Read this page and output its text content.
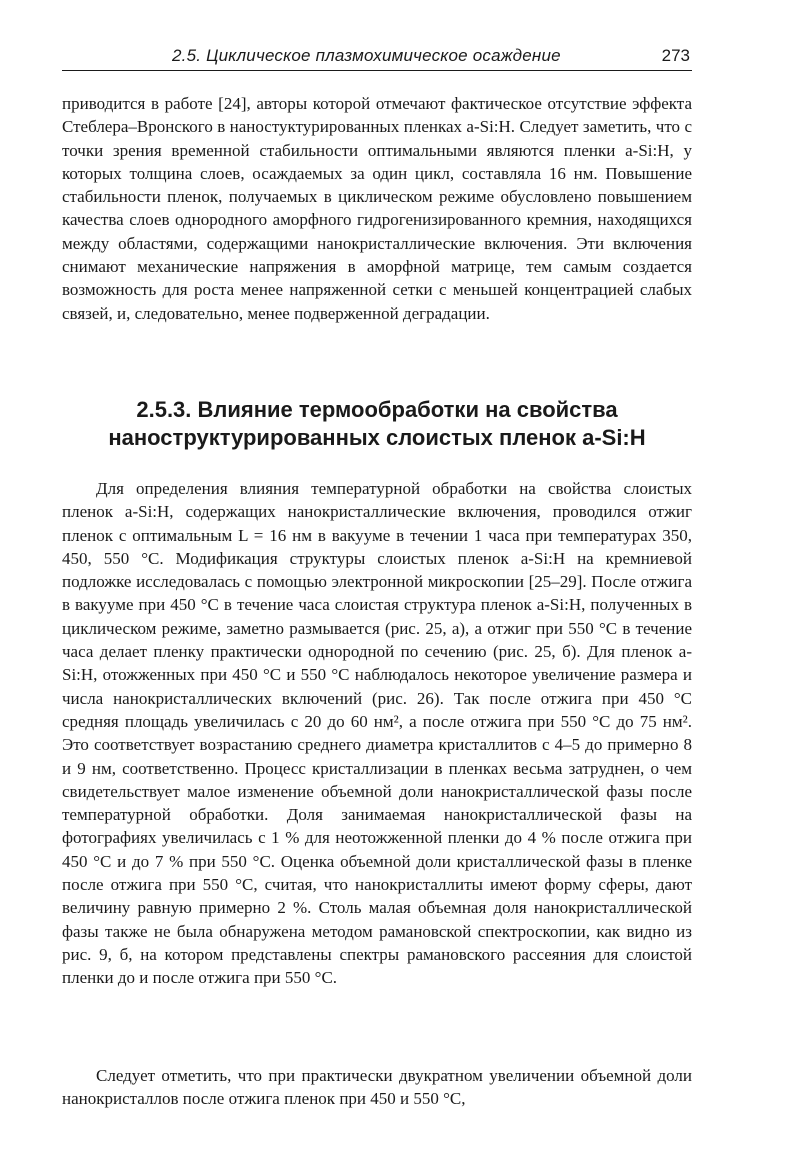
2.5. Циклическое плазмохимическое осаждение	273

приводится в работе [24], авторы которой отмечают фактическое отсутствие эффекта Стеблера–Вронского в наностуктурированных пленках a-Si:H. Следует заметить, что с точки зрения временной стабильности оптимальными являются пленки a-Si:H, у которых толщина слоев, осаждаемых за один цикл, составляла 16 нм. Повышение стабильности пленок, получаемых в циклическом режиме обусловлено повышением качества слоев однородного аморфного гидрогенизированного кремния, находящихся между областями, содержащими нанокристаллические включения. Эти включения снимают механические напряжения в аморфной матрице, тем самым создается возможность для роста менее напряженной сетки с меньшей концентрацией слабых связей, и, следовательно, менее подверженной деградации.

2.5.3. Влияние термообработки на свойства
наноструктурированных слоистых пленок a-Si:H

Для определения влияния температурной обработки на свойства слоистых пленок a-Si:H, содержащих нанокристаллические включения, проводился отжиг пленок с оптимальным L = 16 нм в вакууме в течении 1 часа при температурах 350, 450, 550 °C. Модификация структуры слоистых пленок a-Si:H на кремниевой подложке исследовалась с помощью электронной микроскопии [25–29]. После отжига в вакууме при 450 °C в течение часа слоистая структура пленок a-Si:H, полученных в циклическом режиме, заметно размывается (рис. 25, а), а отжиг при 550 °C в течение часа делает пленку практически однородной по сечению (рис. 25, б). Для пленок a-Si:H, отожженных при 450 °C и 550 °C наблюдалось некоторое увеличение размера и числа нанокристаллических включений (рис. 26). Так после отжига при 450 °C средняя площадь увеличилась с 20 до 60 нм², а после отжига при 550 °C до 75 нм². Это соответствует возрастанию среднего диаметра кристаллитов с 4–5 до примерно 8 и 9 нм, соответственно. Процесс кристаллизации в пленках весьма затруднен, о чем свидетельствует малое изменение объемной доли нанокристаллической фазы после температурной обработки. Доля занимаемая нанокристаллической фазы на фотографиях увеличилась с 1 % для неотожженной пленки до 4 % после отжига при 450 °C и до 7 % при 550 °C. Оценка объемной доли кристаллической фазы в пленке после отжига при 550 °C, считая, что нанокристаллиты имеют форму сферы, дают величину равную примерно 2 %. Столь малая объемная доля нанокристаллической фазы также не была обнаружена методом рамановской спектроскопии, как видно из рис. 9, б, на котором представлены спектры рамановского рассеяния для слоистой пленки до и после отжига при 550 °C.

Следует отметить, что при практически двукратном увеличении объемной доли нанокристаллов после отжига пленок при 450 и 550 °C,
